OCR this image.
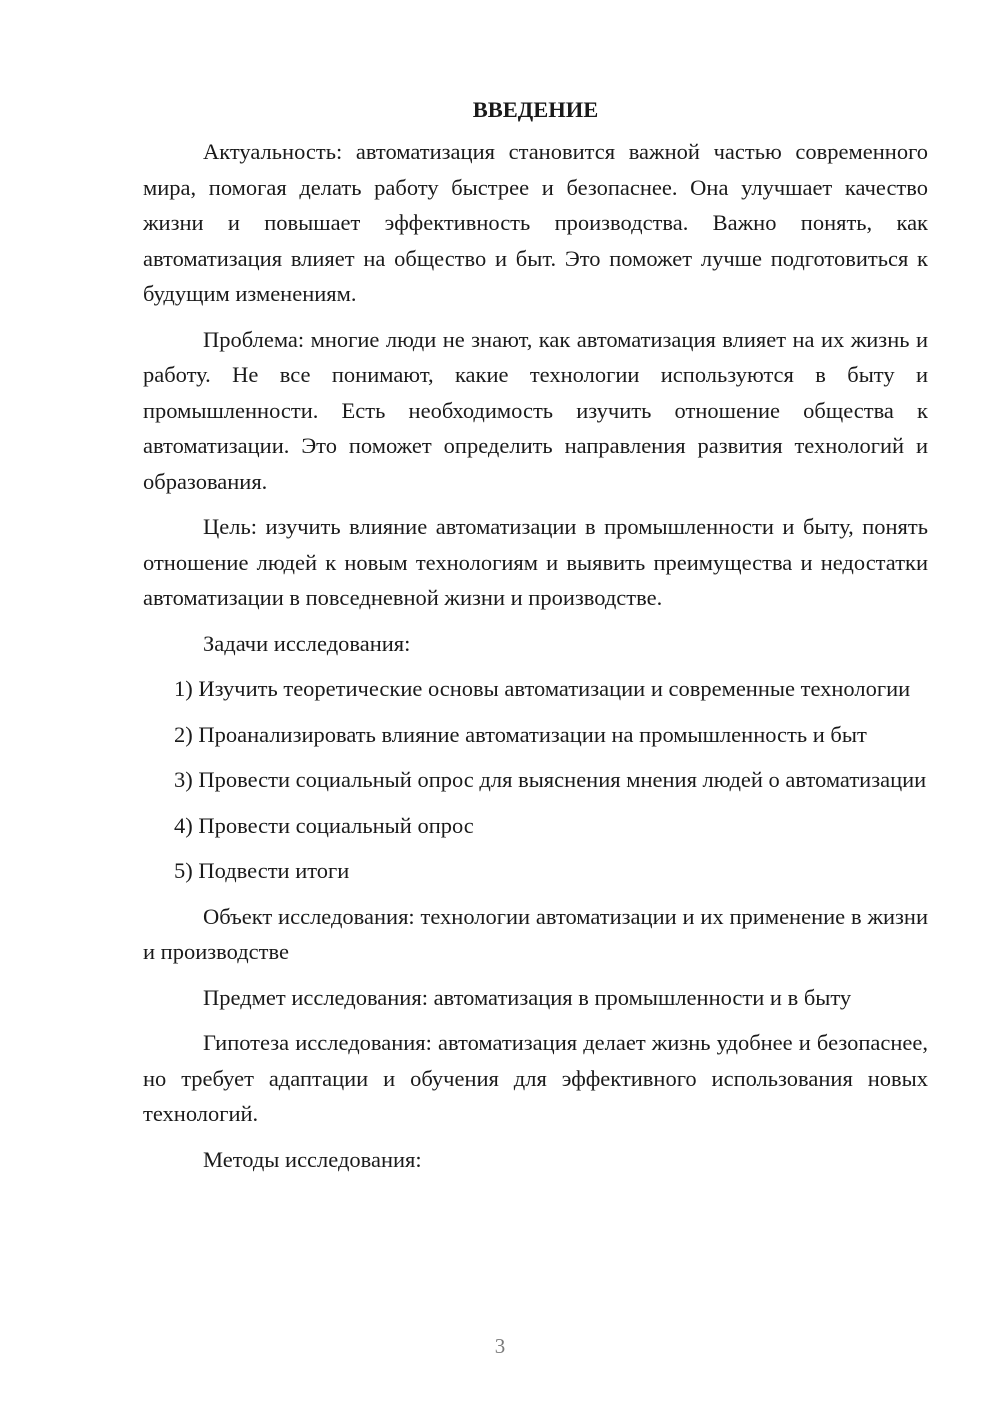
ВВЕДЕНИЕ

Актуальность: автоматизация становится важной частью современного мира, помогая делать работу быстрее и безопаснее. Она улучшает качество жизни и повышает эффективность производства. Важно понять, как автоматизация влияет на общество и быт. Это поможет лучше подготовиться к будущим изменениям.

Проблема: многие люди не знают, как автоматизация влияет на их жизнь и работу. Не все понимают, какие технологии используются в быту и промышленности. Есть необходимость изучить отношение общества к автоматизации. Это поможет определить направления развития технологий и образования.

Цель: изучить влияние автоматизации в промышленности и быту, понять отношение людей к новым технологиям и выявить преимущества и недостатки автоматизации в повседневной жизни и производстве.

Задачи исследования:

1) Изучить теоретические основы автоматизации и современные технологии

2) Проанализировать влияние автоматизации на промышленность и быт

3) Провести социальный опрос для выяснения мнения людей о автоматизации

4) Провести социальный опрос

5) Подвести итоги

Объект исследования: технологии автоматизации и их применение в жизни и производстве

Предмет исследования: автоматизация в промышленности и в быту

Гипотеза исследования: автоматизация делает жизнь удобнее и безопаснее, но требует адаптации и обучения для эффективного использования новых технологий.

Методы исследования:

3
